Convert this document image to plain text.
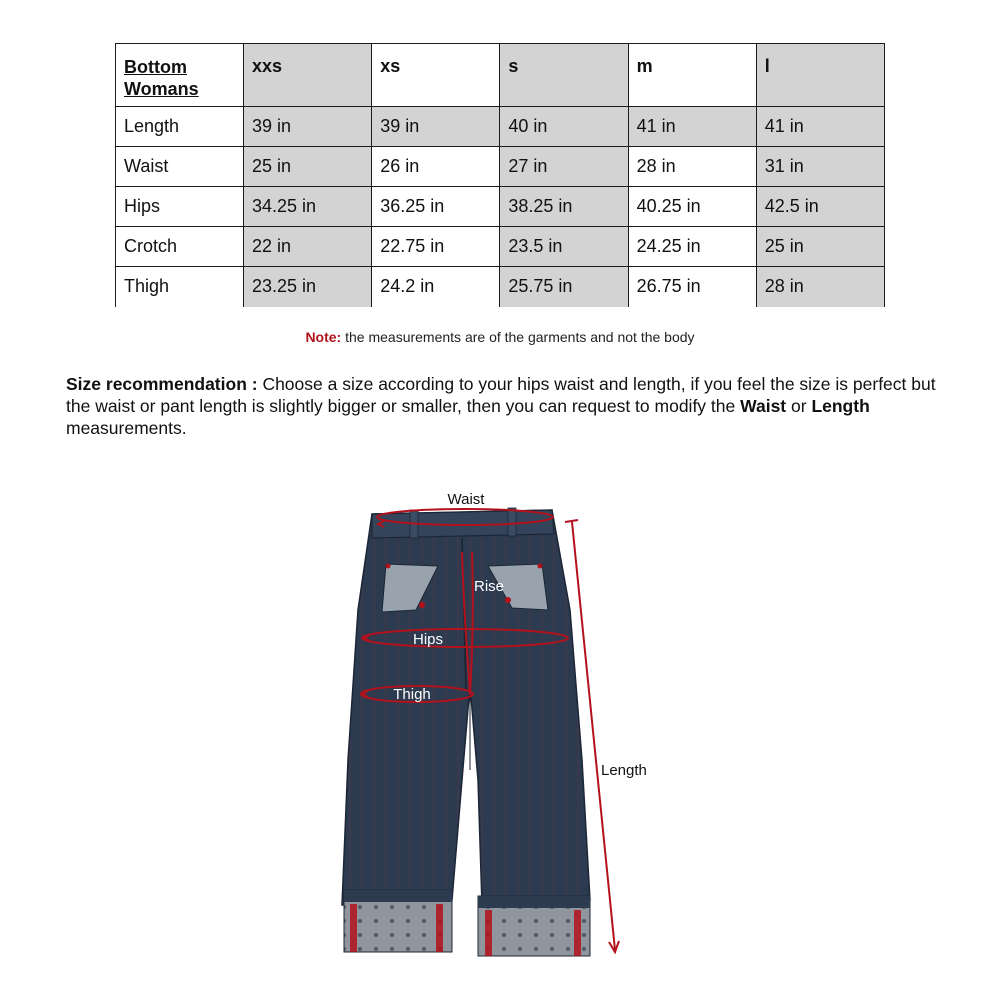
Bottom
Womans	xxs	xs	s	m	l
Length	39 in	39 in	40 in	41 in	41 in
Waist	25 in	26 in	27 in	28 in	31 in
Hips	34.25 in	36.25 in	38.25 in	40.25 in	42.5 in
Crotch	22 in	22.75 in	23.5 in	24.25 in	25 in
Thigh	23.25 in	24.2 in	25.75 in	26.75 in	28 in
Note: the measurements are of the garments and not the body
Size recommendation : Choose a size according to your hips waist and length, if you feel the size is perfect but the waist or pant length is slightly bigger or smaller, then you can request to modify the Waist or Length measurements.
Waist
Rise
Hips
Thigh
Length
